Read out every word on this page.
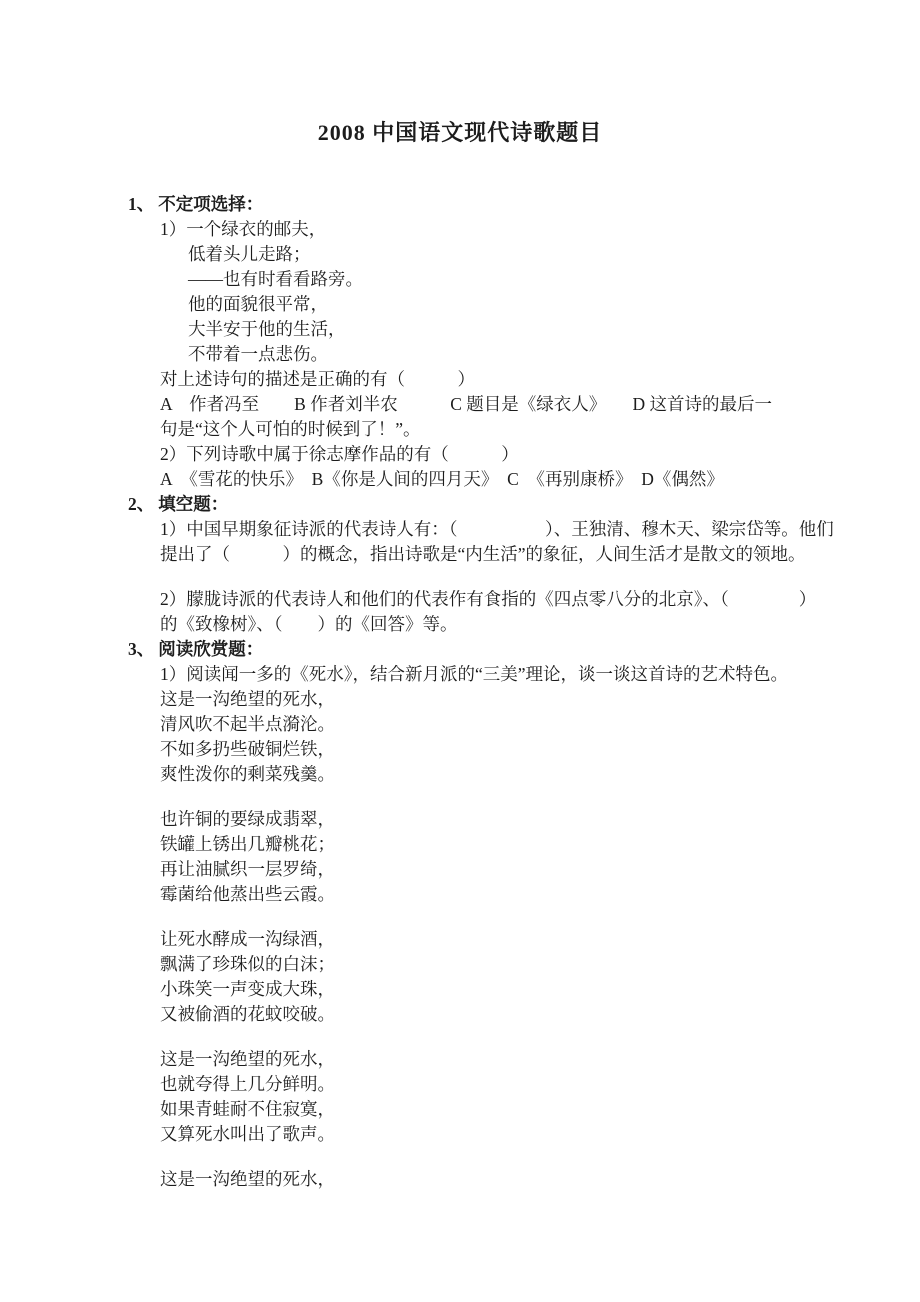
2008 中国语文现代诗歌题目
1、 不定项选择：
1）一个绿衣的邮夫，
低着头儿走路；
——也有时看看路旁。
他的面貌很平常，
大半安于他的生活，
不带着一点悲伤。
对上述诗句的描述是正确的有（　　　）
A　作者冯至　　B 作者刘半农　　　C 题目是《绿衣人》　　D 这首诗的最后一
句是“这个人可怕的时候到了！”。
2）下列诗歌中属于徐志摩作品的有（　　　）
A　《雪花的快乐》　B《你是人间的四月天》　C　《再别康桥》　D《偶然》
2、 填空题：
1）中国早期象征诗派的代表诗人有：（　　　　　）、王独清、穆木天、梁宗岱等。他们
提出了（　　　）的概念，指出诗歌是“内生活”的象征，人间生活才是散文的领地。
2）朦胧诗派的代表诗人和他们的代表作有食指的《四点零八分的北京》、（　　　　）
的《致橡树》、（　　）的《回答》等。
3、 阅读欣赏题：
1）阅读闻一多的《死水》，结合新月派的“三美”理论，谈一谈这首诗的艺术特色。
这是一沟绝望的死水，
清风吹不起半点漪沦。
不如多扔些破铜烂铁，
爽性泼你的剩菜残羹。
也许铜的要绿成翡翠，
铁罐上锈出几瓣桃花；
再让油腻织一层罗绮，
霉菌给他蒸出些云霞。
让死水酵成一沟绿酒，
飘满了珍珠似的白沫；
小珠笑一声变成大珠，
又被偷酒的花蚊咬破。
这是一沟绝望的死水，
也就夸得上几分鲜明。
如果青蛙耐不住寂寞，
又算死水叫出了歌声。
这是一沟绝望的死水，
